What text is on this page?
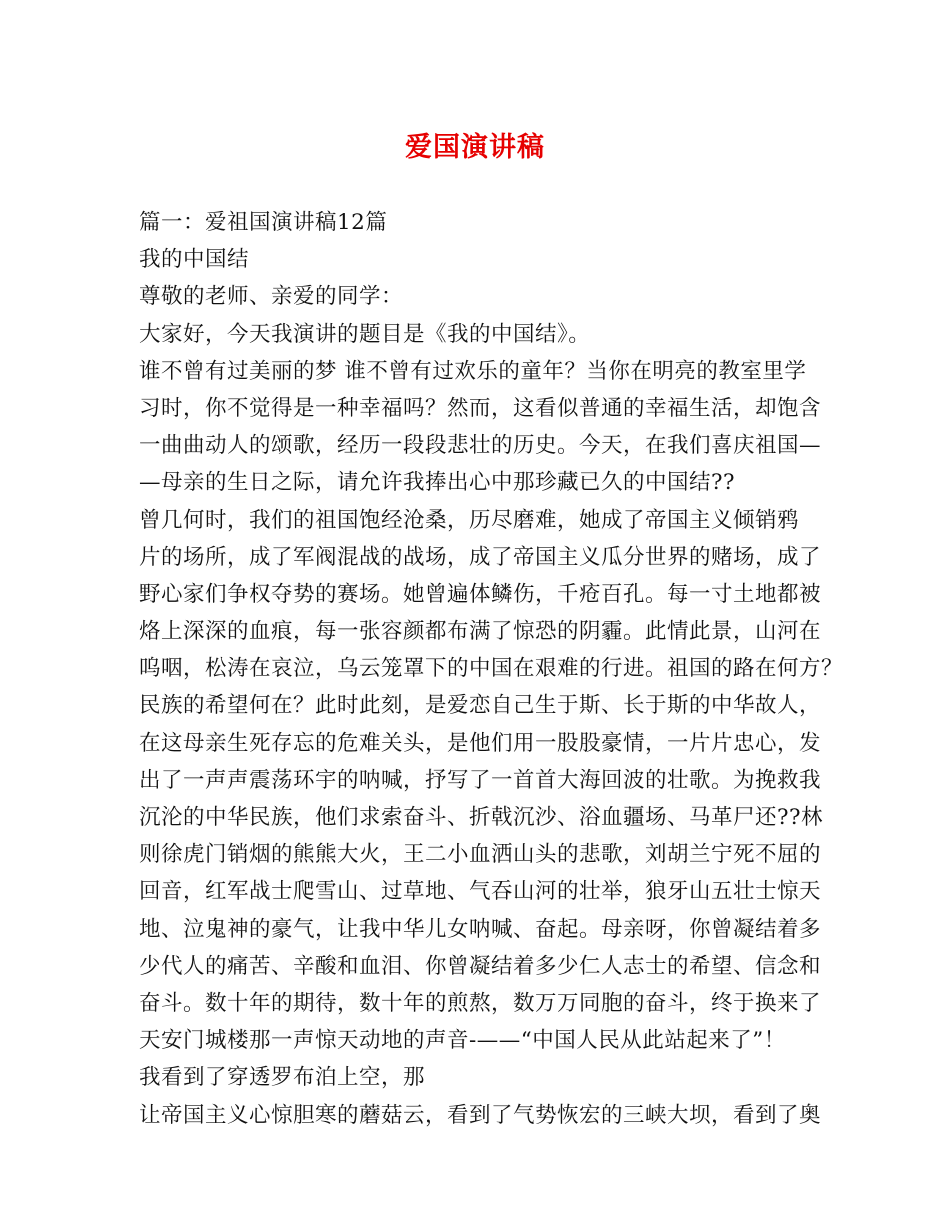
爱国演讲稿
篇一：爱祖国演讲稿12篇
我的中国结
尊敬的老师、亲爱的同学：
大家好，今天我演讲的题目是《我的中国结》。
谁不曾有过美丽的梦 谁不曾有过欢乐的童年？当你在明亮的教室里学
习时，你不觉得是一种幸福吗？然而，这看似普通的幸福生活，却饱含
一曲曲动人的颂歌，经历一段段悲壮的历史。今天，在我们喜庆祖国—
—母亲的生日之际，请允许我捧出心中那珍藏已久的中国结??
曾几何时，我们的祖国饱经沧桑，历尽磨难，她成了帝国主义倾销鸦
片的场所，成了军阀混战的战场，成了帝国主义瓜分世界的赌场，成了
野心家们争权夺势的赛场。她曾遍体鳞伤，千疮百孔。每一寸土地都被
烙上深深的血痕，每一张容颜都布满了惊恐的阴霾。此情此景，山河在
呜咽，松涛在哀泣，乌云笼罩下的中国在艰难的行进。祖国的路在何方？
民族的希望何在？此时此刻，是爱恋自己生于斯、长于斯的中华故人，
在这母亲生死存忘的危难关头，是他们用一股股豪情，一片片忠心，发
出了一声声震荡环宇的呐喊，抒写了一首首大海回波的壮歌。为挽救我
沉沦的中华民族，他们求索奋斗、折戟沉沙、浴血疆场、马革尸还??林
则徐虎门销烟的熊熊大火，王二小血洒山头的悲歌，刘胡兰宁死不屈的
回音，红军战士爬雪山、过草地、气吞山河的壮举，狼牙山五壮士惊天
地、泣鬼神的豪气，让我中华儿女呐喊、奋起。母亲呀，你曾凝结着多
少代人的痛苦、辛酸和血泪、你曾凝结着多少仁人志士的希望、信念和
奋斗。数十年的期待，数十年的煎熬，数万万同胞的奋斗，终于换来了
天安门城楼那一声惊天动地的声音-——“中国人民从此站起来了”！
我看到了穿透罗布泊上空，那
让帝国主义心惊胆寒的蘑菇云，看到了气势恢宏的三峡大坝，看到了奥
